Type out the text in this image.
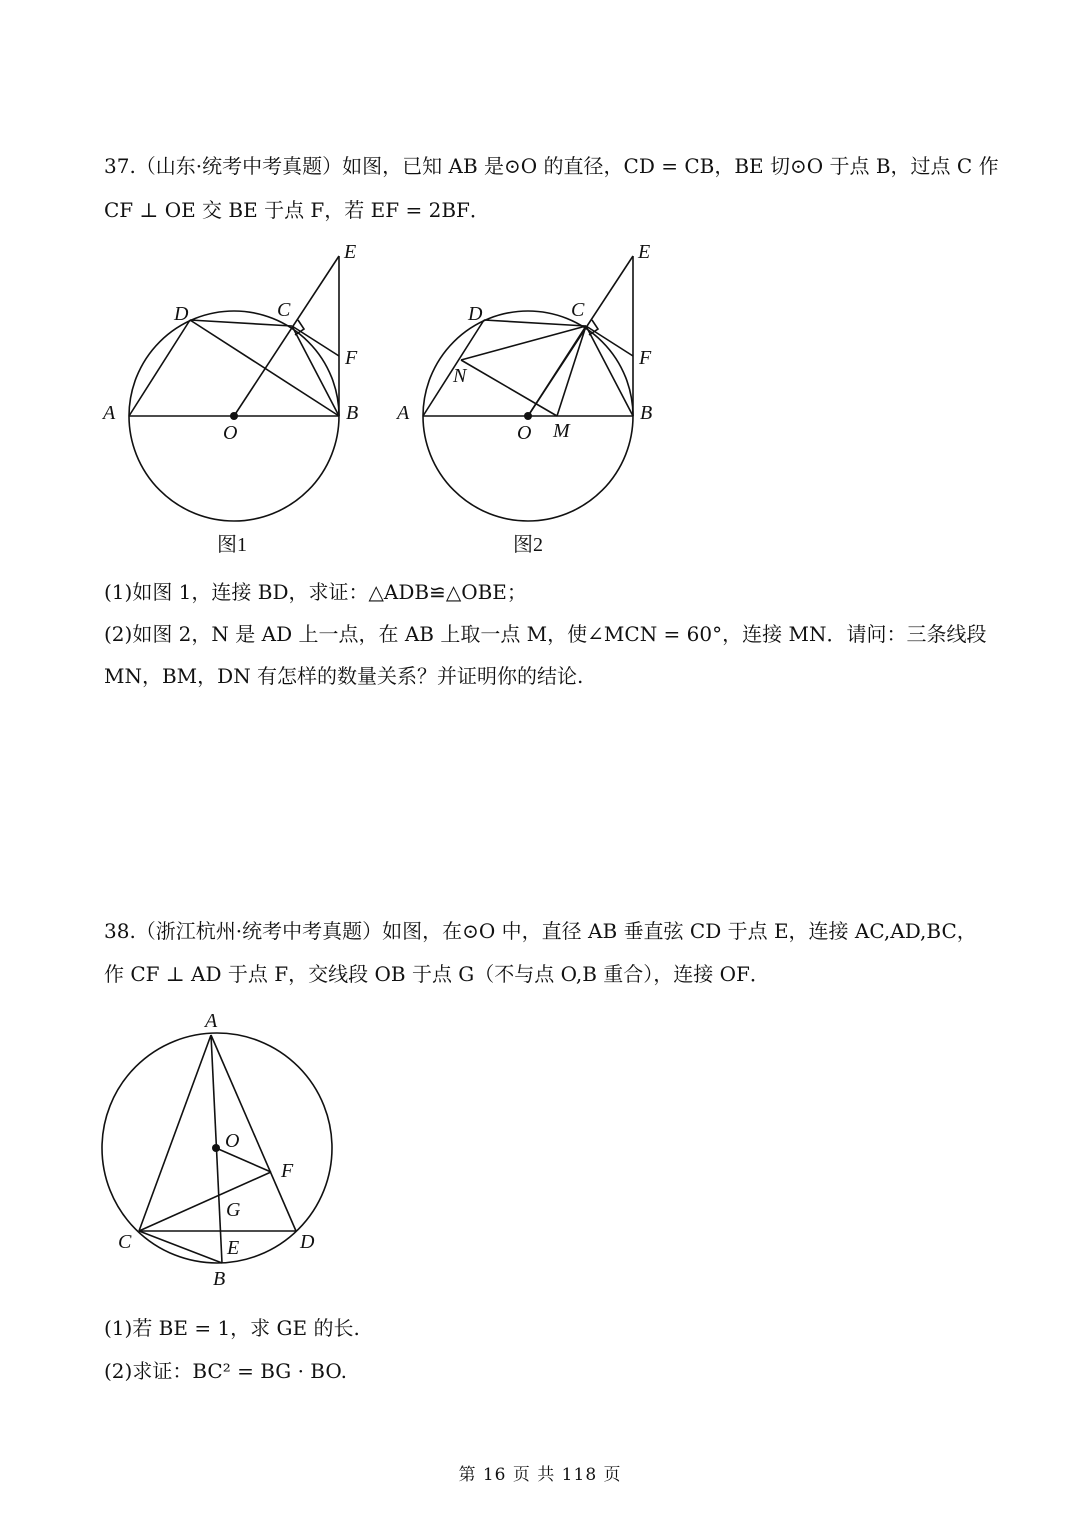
37.（山东·统考中考真题）如图，已知 AB 是⊙O 的直径，CD = CB，BE 切⊙O 于点 B，过点 C 作
CF ⊥ OE 交 BE 于点 F，若 EF = 2BF．
A	B
C
D
E
F
O
图1
A	B
C
D
E
F
O M
N
图2
(1)如图 1，连接 BD，求证：△ADB≌△OBE；
(2)如图 2，N 是 AD 上一点，在 AB 上取一点 M，使∠MCN = 60°，连接 MN．请问：三条线段
MN，BM，DN 有怎样的数量关系？并证明你的结论.
38.（浙江杭州·统考中考真题）如图，在⊙O 中，直径 AB 垂直弦 CD 于点 E，连接 AC,AD,BC，
作 CF ⊥ AD 于点 F，交线段 OB 于点 G（不与点 O,B 重合），连接 OF．
A
O
F
G
C	E	D
B
(1)若 BE = 1，求 GE 的长.
(2)求证：BC² = BG · BO.
第 16 页 共 118 页
